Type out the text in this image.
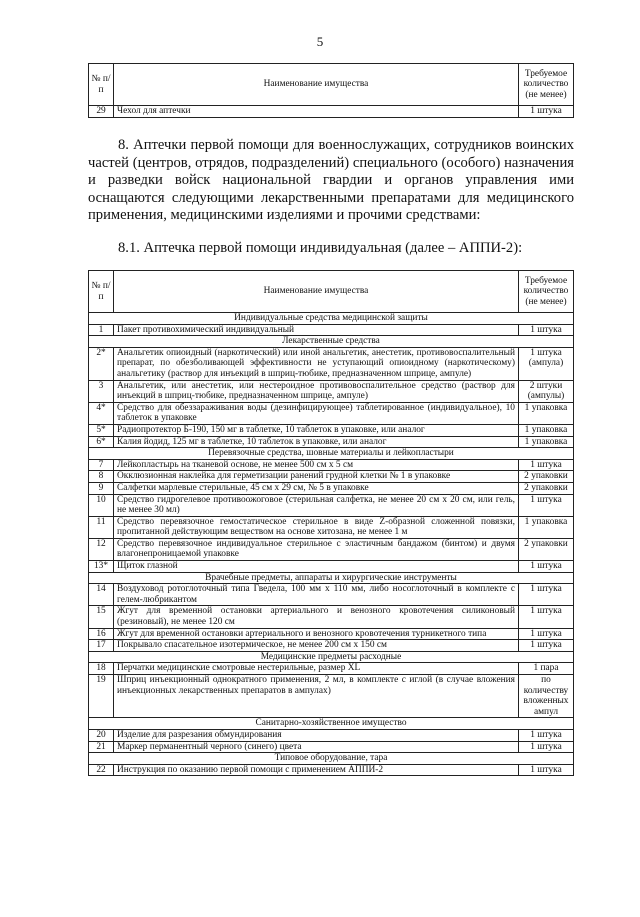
5
№ п/п	Наименование имущества	Требуемое количество (не менее)
29	Чехол для аптечки	1 штука
8. Аптечки первой помощи для военнослужащих, сотрудников воинских частей (центров, отрядов, подразделений) специального (особого) назначения и разведки войск национальной гвардии и органов управления ими оснащаются следующими лекарственными препаратами для медицинского применения, медицинскими изделиями и прочими средствами:
8.1. Аптечка первой помощи индивидуальная (далее – АППИ-2):
№ п/п	Наименование имущества	Требуемое количество (не менее)
Индивидуальные средства медицинской защиты		
1	Пакет противохимический индивидуальный	1 штука
Лекарственные средства		
2*	Анальгетик опиоидный (наркотический) или иной анальгетик, анестетик, противовоспалительный препарат, по обезболивающей эффективности не уступающий опиоидному (наркотическому) анальгетику (раствор для инъекций в шприц-тюбике, предназначенном шприце, ампуле)	1 штука (ампула)
3	Анальгетик, или анестетик, или нестероидное противовоспалительное средство (раствор для инъекций в шприц-тюбике, предназначенном шприце, ампуле)	2 штуки (ампулы)
4*	Средство для обеззараживания воды (дезинфицирующее) таблетированное (индивидуальное), 10 таблеток в упаковке	1 упаковка
5*	Радиопротектор Б-190, 150 мг в таблетке, 10 таблеток в упаковке, или аналог	1 упаковка
6*	Калия йодид, 125 мг в таблетке, 10 таблеток в упаковке, или аналог	1 упаковка
Перевязочные средства, шовные материалы и лейкопластыри		
7	Лейкопластырь на тканевой основе, не менее 500 см х 5 см	1 штука
8	Окклюзионная наклейка для герметизации ранений грудной клетки № 1 в упаковке	2 упаковки
9	Салфетки марлевые стерильные, 45 см х 29 см, № 5 в упаковке	2 упаковки
10	Средство гидрогелевое противоожоговое (стерильная салфетка, не менее 20 см х 20 см, или гель, не менее 30 мл)	1 штука
11	Средство перевязочное гемостатическое стерильное в виде Z-образной сложенной повязки, пропитанной действующим веществом на основе хитозана, не менее 1 м	1 упаковка
12	Средство перевязочное индивидуальное стерильное с эластичным бандажом (бинтом) и двумя влагонепроницаемой упаковке	2 упаковки
13*	Щиток глазной	1 штука
Врачебные предметы, аппараты и хирургические инструменты		
14	Воздуховод ротоглоточный типа Гведела, 100 мм х 110 мм, либо носоглоточный в комплекте с гелем-любрикантом	1 штука
15	Жгут для временной остановки артериального и венозного кровотечения силиконовый (резиновый), не менее 120 см	1 штука
16	Жгут для временной остановки артериального и венозного кровотечения турникетного типа	1 штука
17	Покрывало спасательное изотермическое, не менее 200 см х 150 см	1 штука
Медицинские предметы расходные		
18	Перчатки медицинские смотровые нестерильные, размер XL	1 пара
19	Шприц инъекционный однократного применения, 2 мл, в комплекте с иглой (в случае вложения инъекционных лекарственных препаратов в ампулах)	по количеству вложенных ампул
Санитарно-хозяйственное имущество		
20	Изделие для разрезания обмундирования	1 штука
21	Маркер перманентный черного (синего) цвета	1 штука
Типовое оборудование, тара		
22	Инструкция по оказанию первой помощи с применением АППИ-2	1 штука
